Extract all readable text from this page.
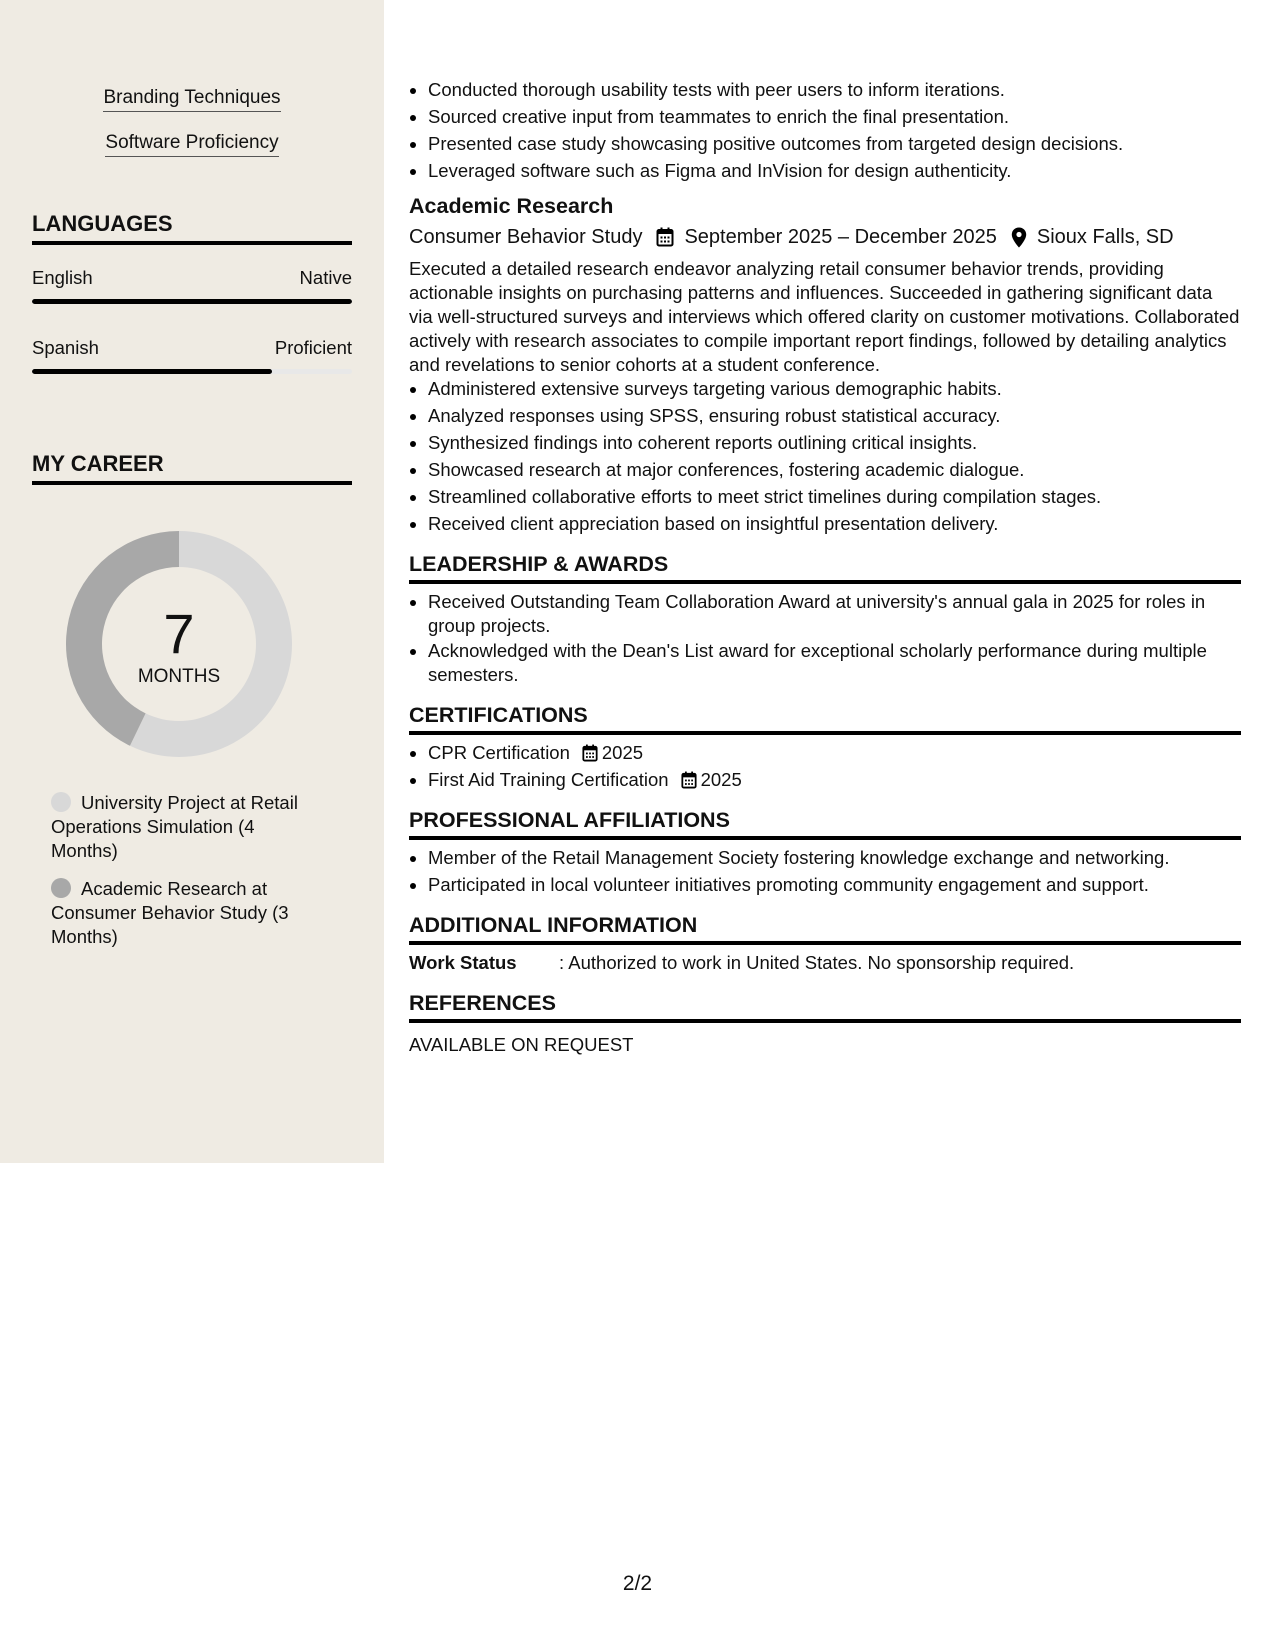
Branding Techniques
Software Proficiency
LANGUAGES
English	Native
Spanish	Proficient
MY CAREER
7
MONTHS
University Project at Retail Operations Simulation (4 Months)
Academic Research at Consumer Behavior Study (3 Months)
Conducted thorough usability tests with peer users to inform iterations.
Sourced creative input from teammates to enrich the final presentation.
Presented case study showcasing positive outcomes from targeted design decisions.
Leveraged software such as Figma and InVision for design authenticity.
Academic Research
Consumer Behavior Study September 2025 – December 2025 Sioux Falls, SD

Executed a detailed research endeavor analyzing retail consumer behavior trends, providing actionable insights on purchasing patterns and influences. Succeeded in gathering significant data via well-structured surveys and interviews which offered clarity on customer motivations. Collaborated actively with research associates to compile important report findings, followed by detailing analytics and revelations to senior cohorts at a student conference.

Administered extensive surveys targeting various demographic habits.
Analyzed responses using SPSS, ensuring robust statistical accuracy.
Synthesized findings into coherent reports outlining critical insights.
Showcased research at major conferences, fostering academic dialogue.
Streamlined collaborative efforts to meet strict timelines during compilation stages.
Received client appreciation based on insightful presentation delivery.
LEADERSHIP & AWARDS
Received Outstanding Team Collaboration Award at university's annual gala in 2025 for roles in group projects.
Acknowledged with the Dean's List award for exceptional scholarly performance during multiple semesters.
CERTIFICATIONS
CPR Certification 2025
First Aid Training Certification 2025
PROFESSIONAL AFFILIATIONS
Member of the Retail Management Society fostering knowledge exchange and networking.
Participated in local volunteer initiatives promoting community engagement and support.
ADDITIONAL INFORMATION
Work Status	: Authorized to work in United States. No sponsorship required.
REFERENCES
AVAILABLE ON REQUEST
2/2
